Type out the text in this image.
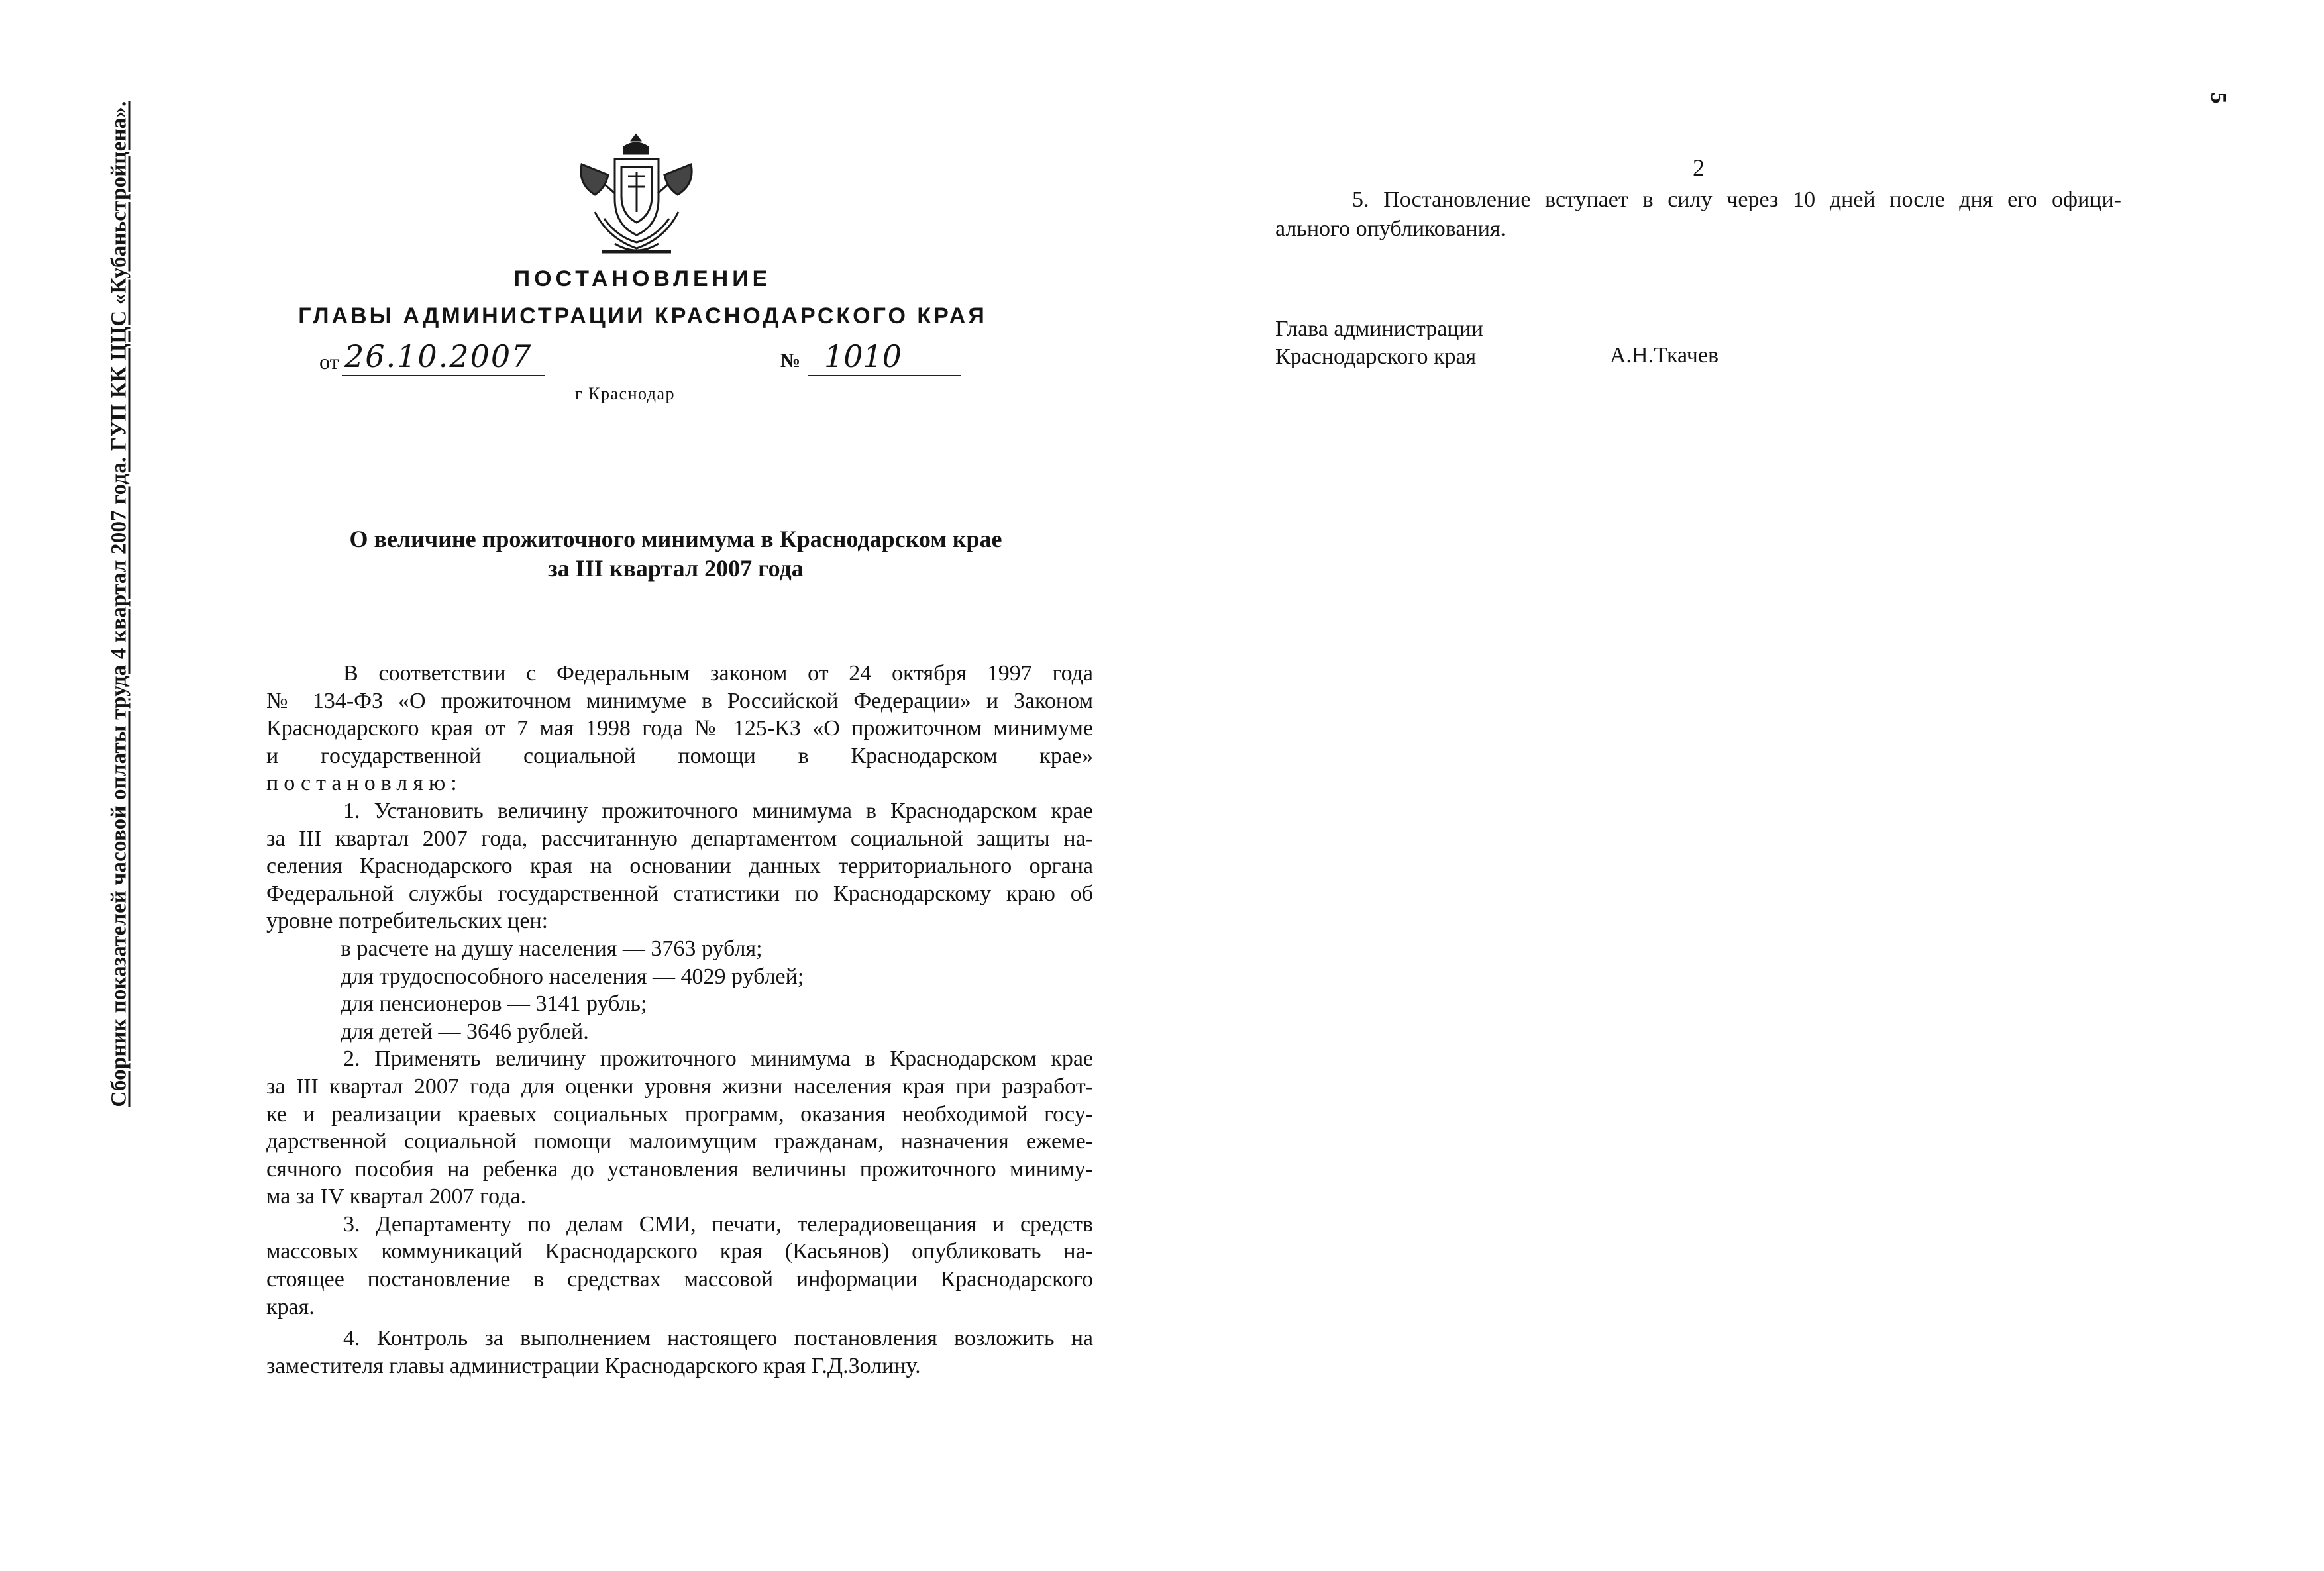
Сборник показателей часовой оплаты труда 4 квартал 2007 года. ГУП КК ЦЦС «Кубаньстройцена».
5
ПОСТАНОВЛЕНИЕ
ГЛАВЫ АДМИНИСТРАЦИИ КРАСНОДАРСКОГО КРАЯ
от 26.10.2007	№ 1010
г Краснодар
О величине прожиточного минимума в Краснодарском крае
за III квартал 2007 года

В соответствии с Федеральным законом от 24 октября 1997 года

№ 134-ФЗ «О прожиточном минимуме в Российской Федерации» и Законом

Краснодарского края от 7 мая 1998 года № 125-КЗ «О прожиточном минимуме

и государственной социальной помощи в Краснодарском крае»

постановляю:

1. Установить величину прожиточного минимума в Краснодарском крае

за III квартал 2007 года, рассчитанную департаментом социальной защиты на-

селения Краснодарского края на основании данных территориального органа

Федеральной службы государственной статистики по Краснодарскому краю об

уровне потребительских цен:

в расчете на душу населения — 3763 рубля;

для трудоспособного населения — 4029 рублей;

для пенсионеров — 3141 рубль;

для детей — 3646 рублей.

2. Применять величину прожиточного минимума в Краснодарском крае

за III квартал 2007 года для оценки уровня жизни населения края при разработ-

ке и реализации краевых социальных программ, оказания необходимой госу-

дарственной социальной помощи малоимущим гражданам, назначения ежеме-

сячного пособия на ребенка до установления величины прожиточного миниму-

ма за IV квартал 2007 года.

3. Департаменту по делам СМИ, печати, телерадиовещания и средств

массовых коммуникаций Краснодарского края (Касьянов) опубликовать на-

стоящее постановление в средствах массовой информации Краснодарского

края.

4. Контроль за выполнением настоящего постановления возложить на

заместителя главы администрации Краснодарского края Г.Д.Золину.

2
5. Постановление вступает в силу через 10 дней после дня его офици-
ального опубликования.
Глава администрации
Краснодарского края	А.Н.Ткачев
